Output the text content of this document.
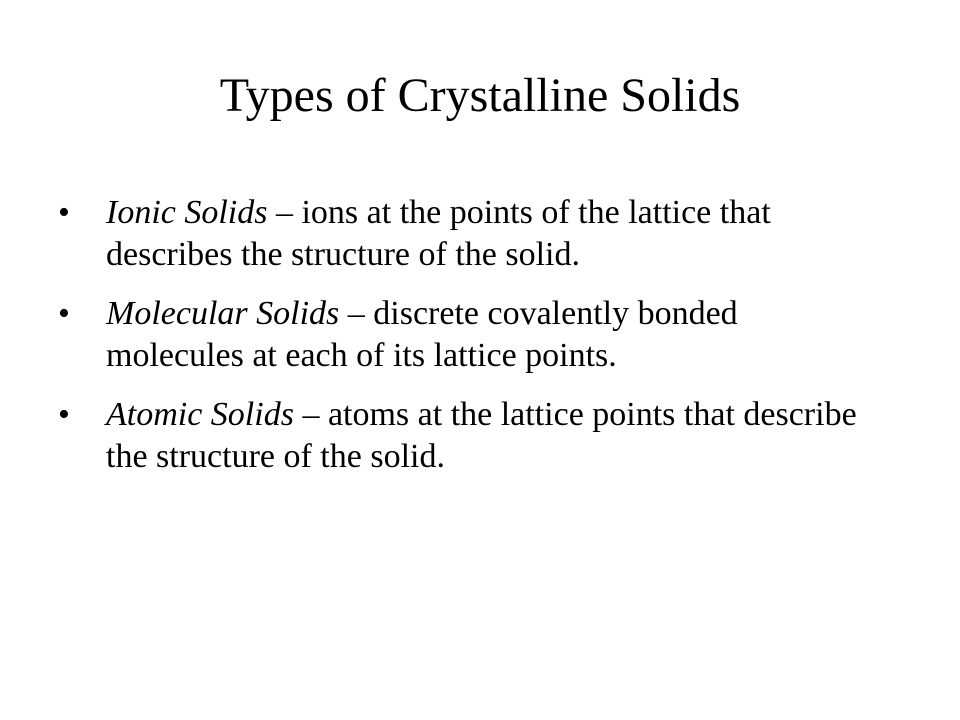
Types of Crystalline Solids
• Ionic Solids – ions at the points of the lattice that describes the structure of the solid.
• Molecular Solids – discrete covalently bonded molecules at each of its lattice points.
• Atomic Solids – atoms at the lattice points that describe the structure of the solid.
